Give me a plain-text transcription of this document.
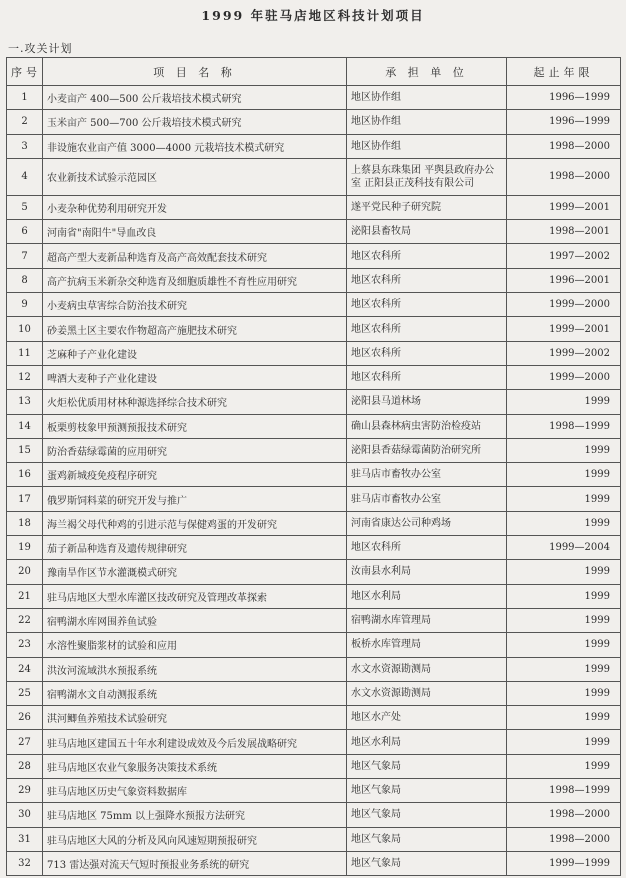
1999 年驻马店地区科技计划项目
一.攻关计划
序号	项 目 名 称	承 担 单 位	起止年限
1	小麦亩产 400—500 公斤栽培技术模式研究	地区协作组	1996—1999
2	玉米亩产 500—700 公斤栽培技术模式研究	地区协作组	1996—1999
3	非设施农业亩产值 3000—4000 元栽培技术模式研究	地区协作组	1998—2000
4	农业新技术试验示范园区	上蔡县东珠集团 平舆县政府办公室 正阳县正茂科技有限公司	1998—2000
5	小麦杂种优势利用研究开发	遂平党民种子研究院	1999—2001
6	河南省"南阳牛"导血改良	泌阳县畜牧局	1998—2001
7	超高产型大麦新品种选育及高产高效配套技术研究	地区农科所	1997—2002
8	高产抗病玉米新杂交种选育及细胞质雄性不育性应用研究	地区农科所	1996—2001
9	小麦病虫草害综合防治技术研究	地区农科所	1999—2000
10	砂姜黑土区主要农作物超高产施肥技术研究	地区农科所	1999—2001
11	芝麻种子产业化建设	地区农科所	1999—2002
12	啤酒大麦种子产业化建设	地区农科所	1999—2000
13	火炬松优质用材林种源选择综合技术研究	泌阳县马道林场	1999
14	板栗剪枝象甲预测预报技术研究	确山县森林病虫害防治检疫站	1998—1999
15	防治香菇绿霉菌的应用研究	泌阳县香菇绿霉菌防治研究所	1999
16	蛋鸡新城疫免疫程序研究	驻马店市畜牧办公室	1999
17	俄罗斯饲料菜的研究开发与推广	驻马店市畜牧办公室	1999
18	海兰褐父母代种鸡的引进示范与保健鸡蛋的开发研究	河南省康达公司种鸡场	1999
19	茄子新品种选育及遗传规律研究	地区农科所	1999—2004
20	豫南旱作区节水灌溉模式研究	汝南县水利局	1999
21	驻马店地区大型水库灌区技改研究及管理改革探索	地区水利局	1999
22	宿鸭湖水库网围养鱼试验	宿鸭湖水库管理局	1999
23	水溶性聚脂浆材的试验和应用	板桥水库管理局	1999
24	洪汝河流域洪水预报系统	水文水资源勘测局	1999
25	宿鸭湖水文自动测报系统	水文水资源勘测局	1999
26	淇河鲫鱼养殖技术试验研究	地区水产处	1999
27	驻马店地区建国五十年水利建设成效及今后发展战略研究	地区水利局	1999
28	驻马店地区农业气象服务决策技术系统	地区气象局	1999
29	驻马店地区历史气象资料数据库	地区气象局	1998—1999
30	驻马店地区 75mm 以上强降水预报方法研究	地区气象局	1998—2000
31	驻马店地区大风的分析及风向风速短期预报研究	地区气象局	1998—2000
32	713 雷达强对流天气短时预报业务系统的研究	地区气象局	1999—1999
